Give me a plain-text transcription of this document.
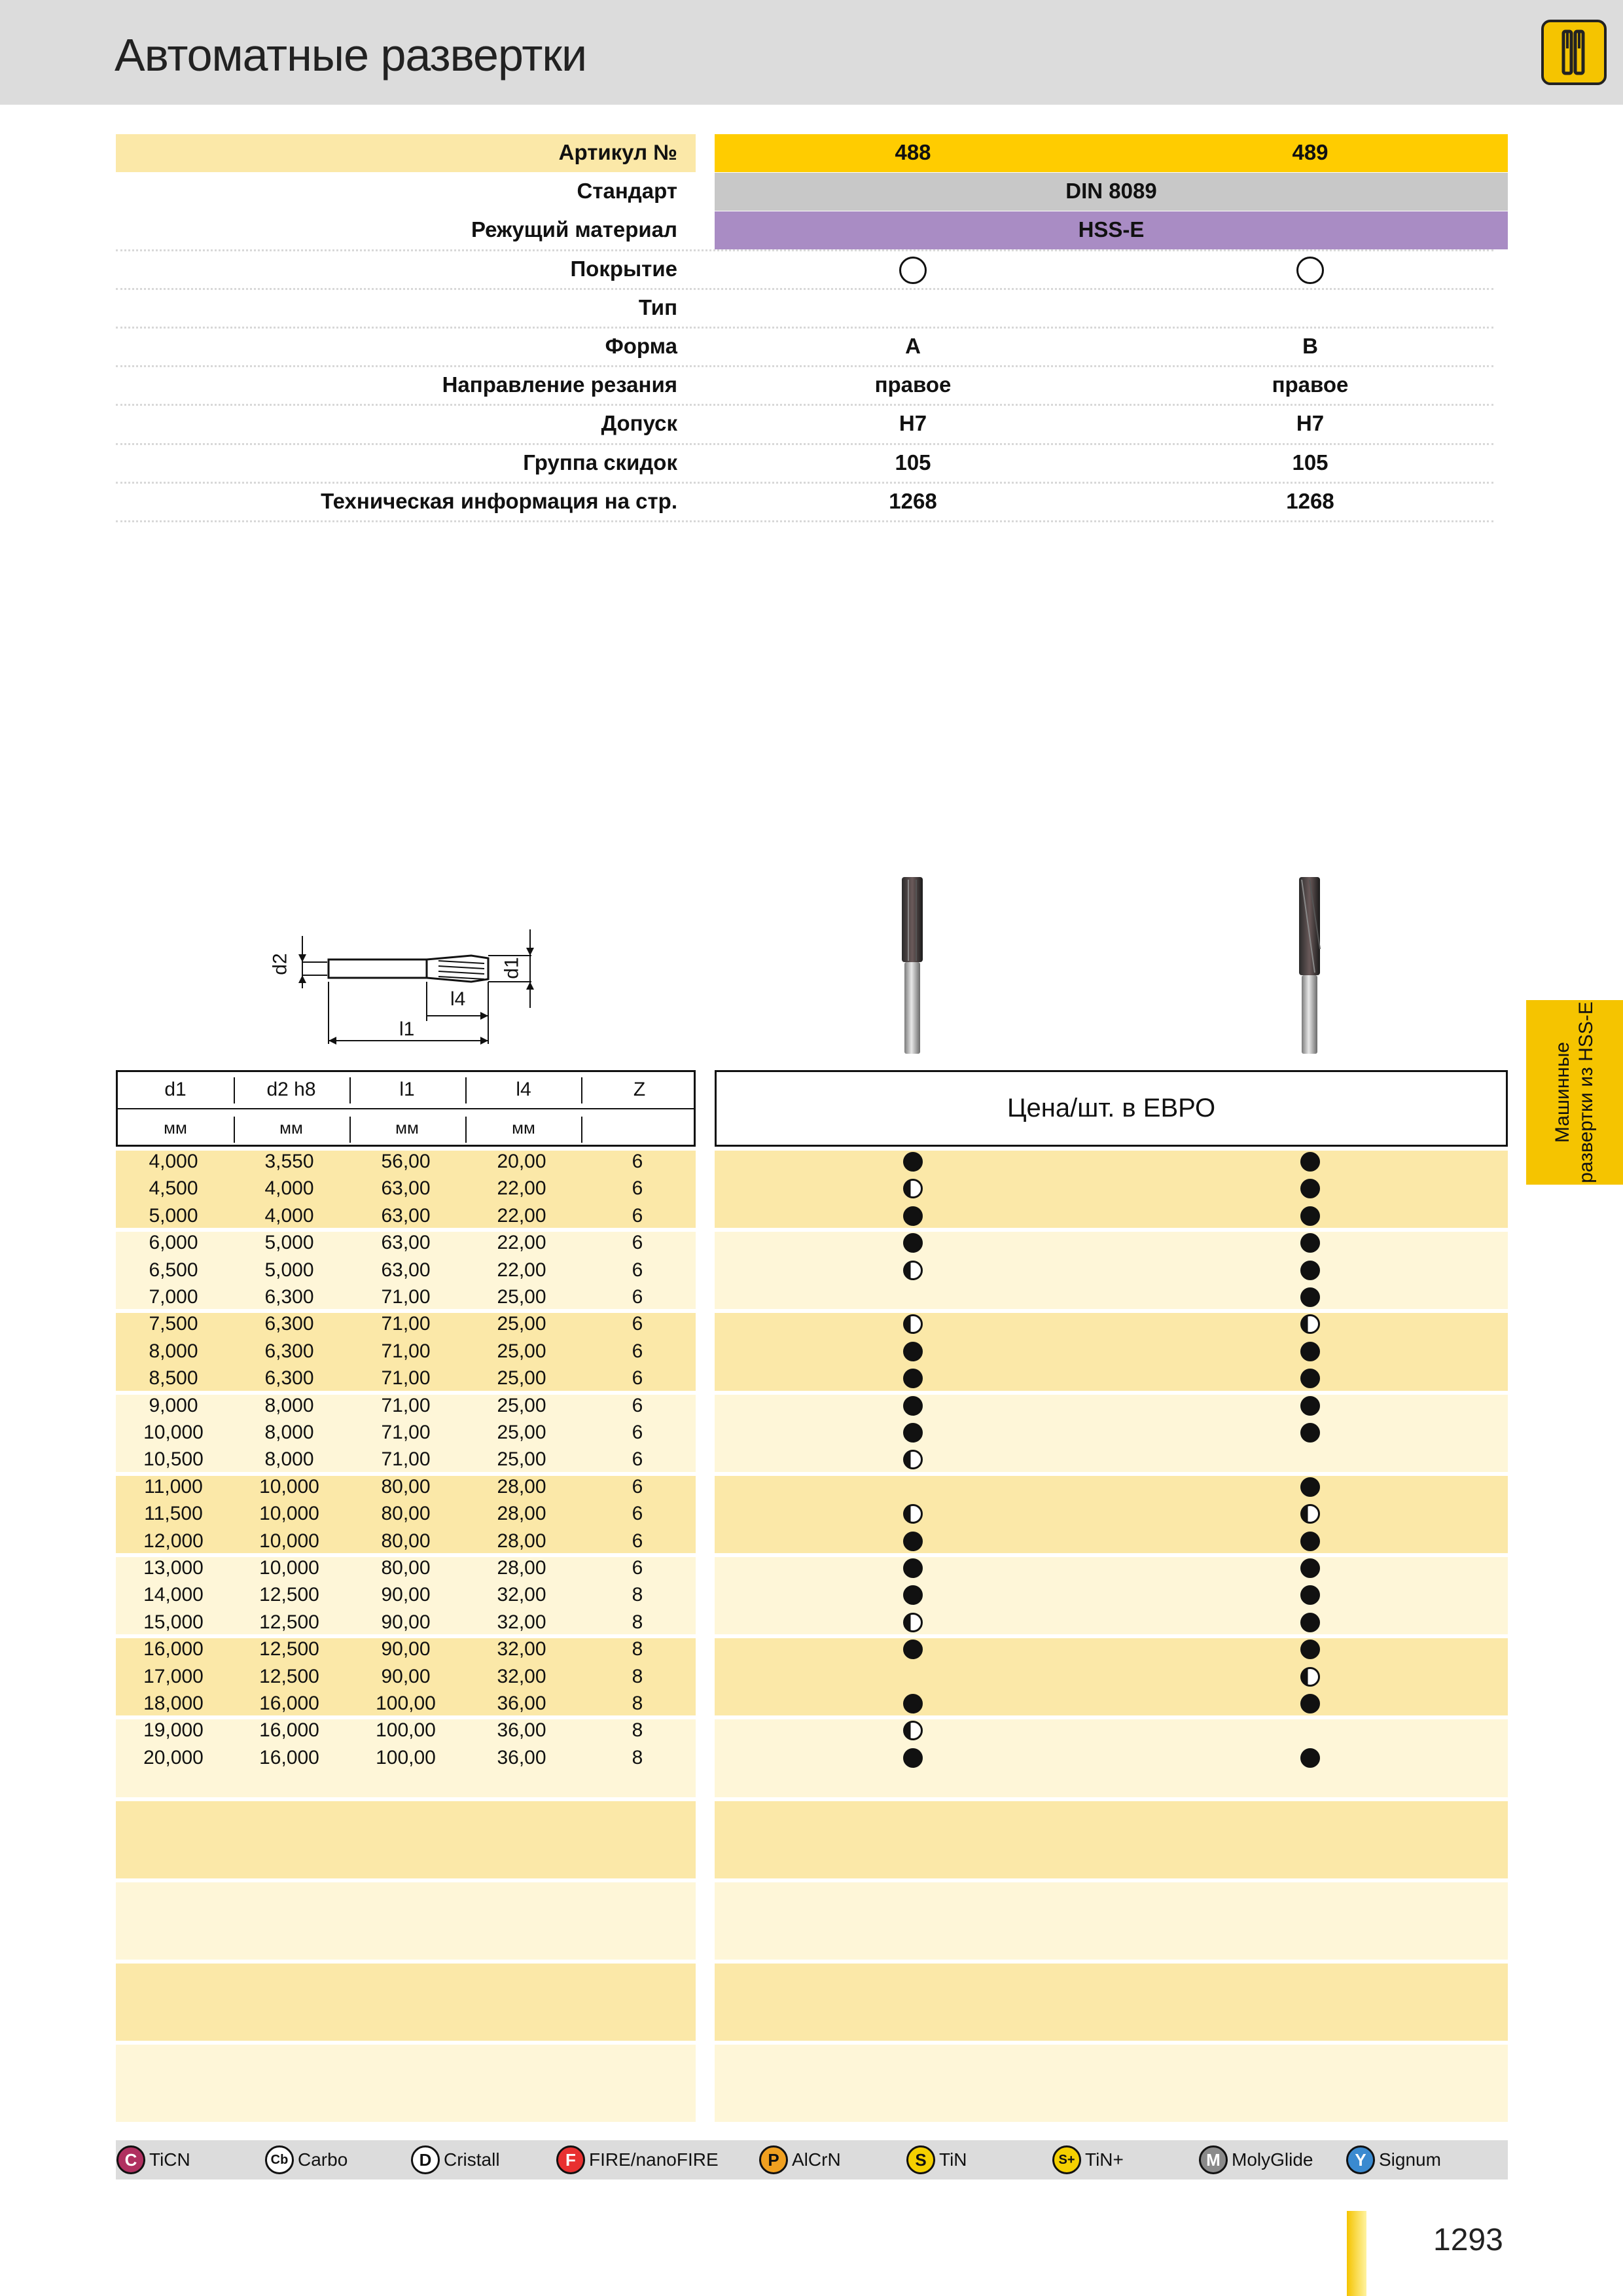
Автоматные развертки
Артикул №	488	489
Стандарт	DIN 8089
Режущий материал	HSS-E
Покрытие
Тип
Форма	A	B
Направление резания	правое	правое
Допуск	H7	H7
Группа скидок	105	105
Техническая информация на стр.	1268	1268
d2	d1
l4
l1
Машинные развертки из HSS-E
d1
мм
d2 h8
мм
l1
мм
l4
мм
Z
Цена/шт. в ЕВРО
4,000	3,550	56,00	20,00	6
4,500	4,000	63,00	22,00	6
5,000	4,000	63,00	22,00	6
6,000	5,000	63,00	22,00	6
6,500	5,000	63,00	22,00	6
7,000	6,300	71,00	25,00	6
7,500	6,300	71,00	25,00	6
8,000	6,300	71,00	25,00	6
8,500	6,300	71,00	25,00	6
9,000	8,000	71,00	25,00	6
10,000	8,000	71,00	25,00	6
10,500	8,000	71,00	25,00	6
11,000	10,000	80,00	28,00	6
11,500	10,000	80,00	28,00	6
12,000	10,000	80,00	28,00	6
13,000	10,000	80,00	28,00	6
14,000	12,500	90,00	32,00	8
15,000	12,500	90,00	32,00	8
16,000	12,500	90,00	32,00	8
17,000	12,500	90,00	32,00	8
18,000	16,000	100,00	36,00	8
19,000	16,000	100,00	36,00	8
20,000	16,000	100,00	36,00	8
C TiCN	Cb Carbo	D Cristall	F FIRE/nanoFIRE	P AlCrN	S TiN	S+ TiN+	M MolyGlide	Y Signum
1293
